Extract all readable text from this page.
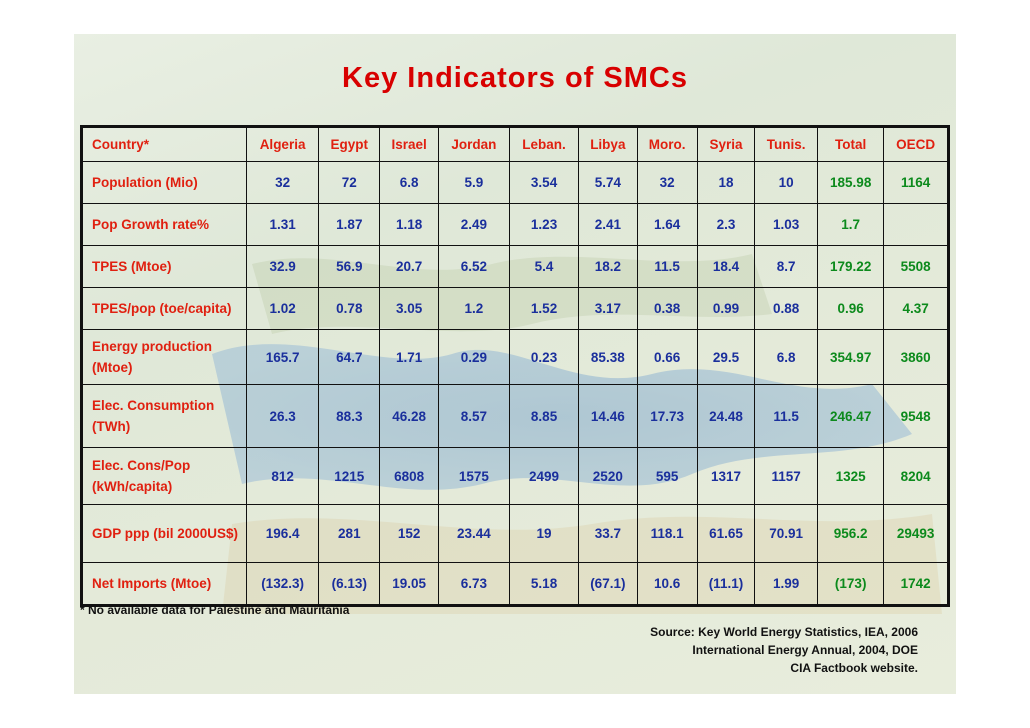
Key Indicators of SMCs
Country*	Algeria	Egypt	Israel	Jordan	Leban.	Libya	Moro.	Syria	Tunis.	Total	OECD
Population (Mio)	32	72	6.8	5.9	3.54	5.74	32	18	10	185.98	1164
Pop Growth rate%	1.31	1.87	1.18	2.49	1.23	2.41	1.64	2.3	1.03	1.7	
TPES (Mtoe)	32.9	56.9	20.7	6.52	5.4	18.2	11.5	18.4	8.7	179.22	5508
TPES/pop (toe/capita)	1.02	0.78	3.05	1.2	1.52	3.17	0.38	0.99	0.88	0.96	4.37
Energy production (Mtoe)	165.7	64.7	1.71	0.29	0.23	85.38	0.66	29.5	6.8	354.97	3860
Elec. Consumption (TWh)	26.3	88.3	46.28	8.57	8.85	14.46	17.73	24.48	11.5	246.47	9548
Elec. Cons/Pop (kWh/capita)	812	1215	6808	1575	2499	2520	595	1317	1157	1325	8204
GDP ppp (bil 2000US$)	196.4	281	152	23.44	19	33.7	118.1	61.65	70.91	956.2	29493
Net Imports (Mtoe)	(132.3)	(6.13)	19.05	6.73	5.18	(67.1)	10.6	(11.1)	1.99	(173)	1742
* No available data for Palestine and Mauritania
Source: Key World Energy Statistics, IEA, 2006
International Energy Annual, 2004, DOE
CIA Factbook website.
